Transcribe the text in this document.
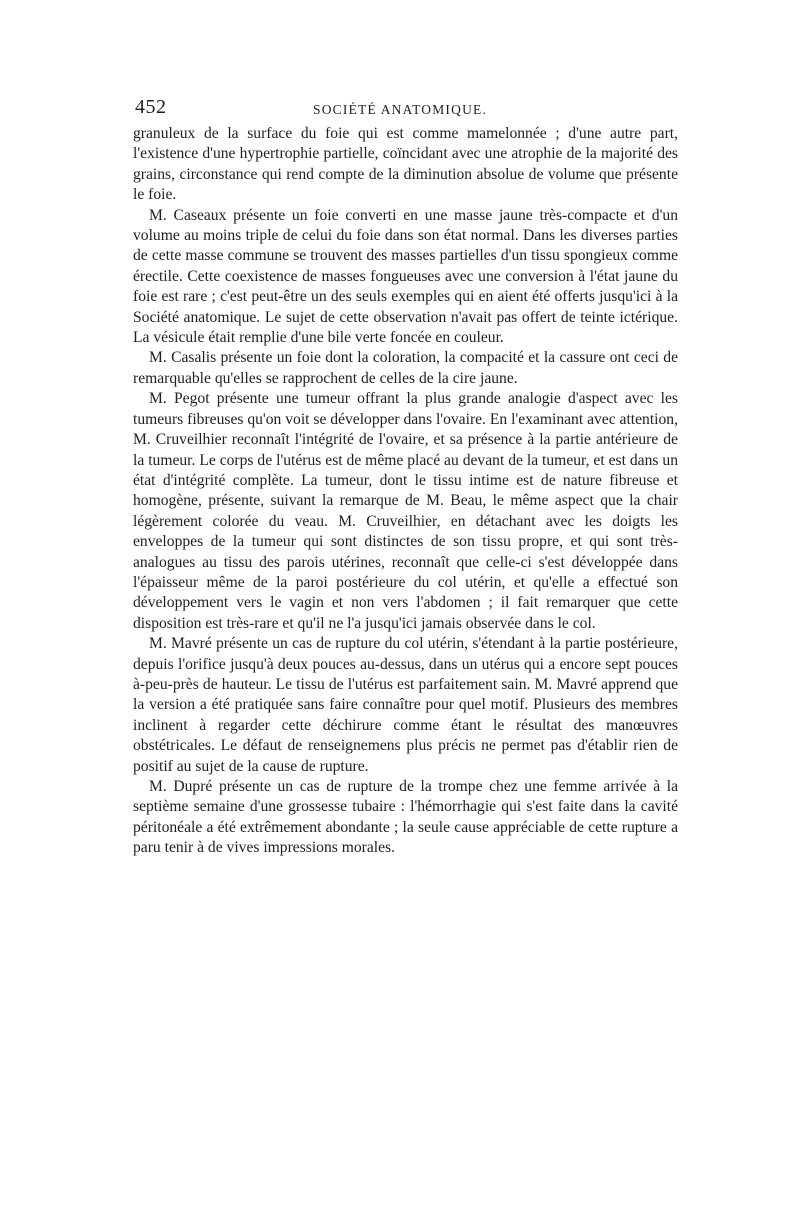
452	SOCIÉTÉ ANATOMIQUE.

granuleux de la surface du foie qui est comme mamelonnée ; d'une autre part, l'existence d'une hypertrophie partielle, coïncidant avec une atrophie de la majorité des grains, circonstance qui rend compte de la diminution absolue de volume que présente le foie.

M. Caseaux présente un foie converti en une masse jaune très-compacte et d'un volume au moins triple de celui du foie dans son état normal. Dans les diverses parties de cette masse commune se trouvent des masses partielles d'un tissu spongieux comme érectile. Cette coexistence de masses fongueuses avec une conversion à l'état jaune du foie est rare ; c'est peut-être un des seuls exemples qui en aient été offerts jusqu'ici à la Société anatomique. Le sujet de cette observation n'avait pas offert de teinte ictérique. La vésicule était remplie d'une bile verte foncée en couleur.

M. Casalis présente un foie dont la coloration, la compacité et la cassure ont ceci de remarquable qu'elles se rapprochent de celles de la cire jaune.

M. Pegot présente une tumeur offrant la plus grande analogie d'aspect avec les tumeurs fibreuses qu'on voit se développer dans l'ovaire. En l'examinant avec attention, M. Cruveilhier reconnaît l'intégrité de l'ovaire, et sa présence à la partie antérieure de la tumeur. Le corps de l'utérus est de même placé au devant de la tumeur, et est dans un état d'intégrité complète. La tumeur, dont le tissu intime est de nature fibreuse et homogène, présente, suivant la remarque de M. Beau, le même aspect que la chair légèrement colorée du veau. M. Cruveilhier, en détachant avec les doigts les enveloppes de la tumeur qui sont distinctes de son tissu propre, et qui sont très-analogues au tissu des parois utérines, reconnaît que celle-ci s'est développée dans l'épaisseur même de la paroi postérieure du col utérin, et qu'elle a effectué son développement vers le vagin et non vers l'abdomen ; il fait remarquer que cette disposition est très-rare et qu'il ne l'a jusqu'ici jamais observée dans le col.

M. Mavré présente un cas de rupture du col utérin, s'étendant à la partie postérieure, depuis l'orifice jusqu'à deux pouces au-dessus, dans un utérus qui a encore sept pouces à-peu-près de hauteur. Le tissu de l'utérus est parfaitement sain. M. Mavré apprend que la version a été pratiquée sans faire connaître pour quel motif. Plusieurs des membres inclinent à regarder cette déchirure comme étant le résultat des manœuvres obstétricales. Le défaut de renseignemens plus précis ne permet pas d'établir rien de positif au sujet de la cause de rupture.

M. Dupré présente un cas de rupture de la trompe chez une femme arrivée à la septième semaine d'une grossesse tubaire : l'hémorrhagie qui s'est faite dans la cavité péritonéale a été extrêmement abondante ; la seule cause appréciable de cette rupture a paru tenir à de vives impressions morales.
